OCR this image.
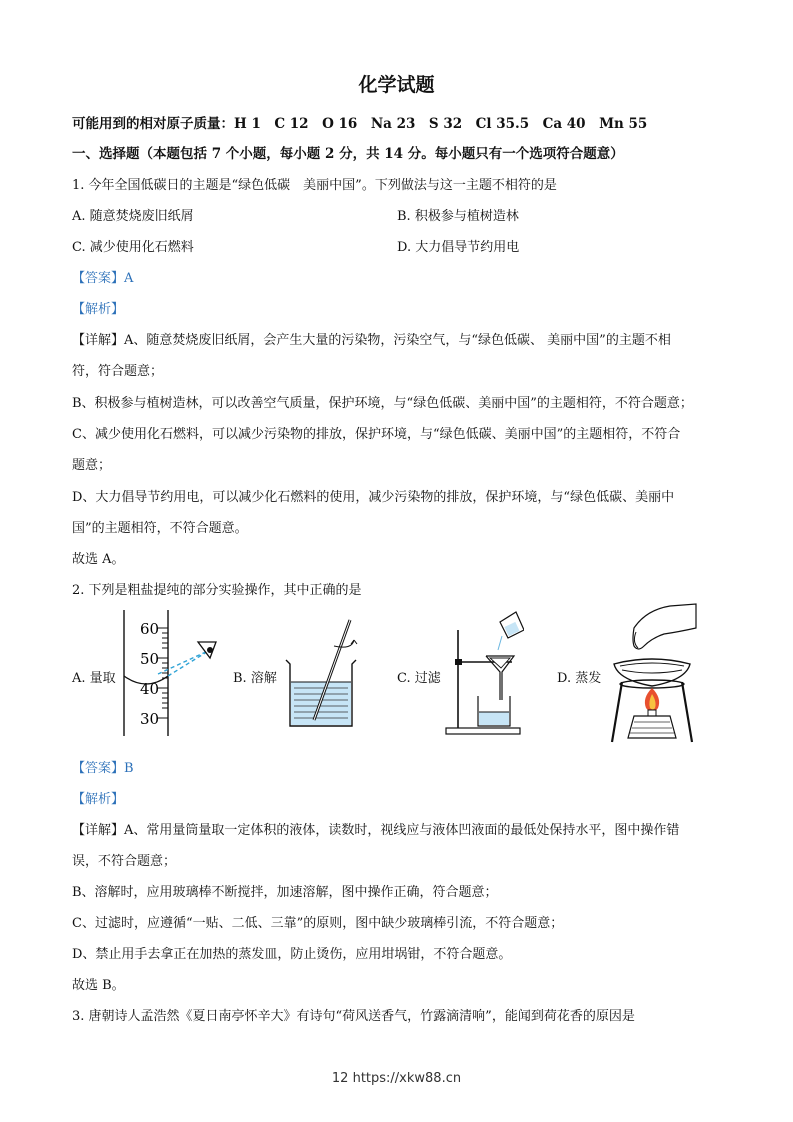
化学试题
可能用到的相对原子质量：H 1　C 12　O 16　Na 23　S 32　Cl 35.5　Ca 40　Mn 55
一、选择题（本题包括 7 个小题，每小题 2 分，共 14 分。每小题只有一个选项符合题意）
1. 今年全国低碳日的主题是“绿色低碳　美丽中国”。下列做法与这一主题不相符的是
A. 随意焚烧废旧纸屑	B. 积极参与植树造林
C. 减少使用化石燃料	D. 大力倡导节约用电
【答案】A
【解析】
【详解】A、随意焚烧废旧纸屑，会产生大量的污染物，污染空气，与“绿色低碳、 美丽中国”的主题不相
符，符合题意；
B、积极参与植树造林，可以改善空气质量，保护环境，与“绿色低碳、美丽中国”的主题相符，不符合题意；
C、减少使用化石燃料，可以减少污染物的排放，保护环境，与“绿色低碳、美丽中国”的主题相符，不符合
题意；
D、大力倡导节约用电，可以减少化石燃料的使用，减少污染物的排放，保护环境，与“绿色低碳、美丽中
国”的主题相符，不符合题意。
故选 A。
2. 下列是粗盐提纯的部分实验操作，其中正确的是
A. 量取	B. 溶解	C. 过滤	D. 蒸发
60
50
40
30
【答案】B
【解析】
【详解】A、常用量筒量取一定体积的液体，读数时，视线应与液体凹液面的最低处保持水平，图中操作错
误，不符合题意；
B、溶解时，应用玻璃棒不断搅拌，加速溶解，图中操作正确，符合题意；
C、过滤时，应遵循“一贴、二低、三靠”的原则，图中缺少玻璃棒引流，不符合题意；
D、禁止用手去拿正在加热的蒸发皿，防止烫伤，应用坩埚钳，不符合题意。
故选 B。
3. 唐朝诗人孟浩然《夏日南亭怀辛大》有诗句“荷风送香气，竹露滴清响”，能闻到荷花香的原因是
12 https://xkw88.cn
